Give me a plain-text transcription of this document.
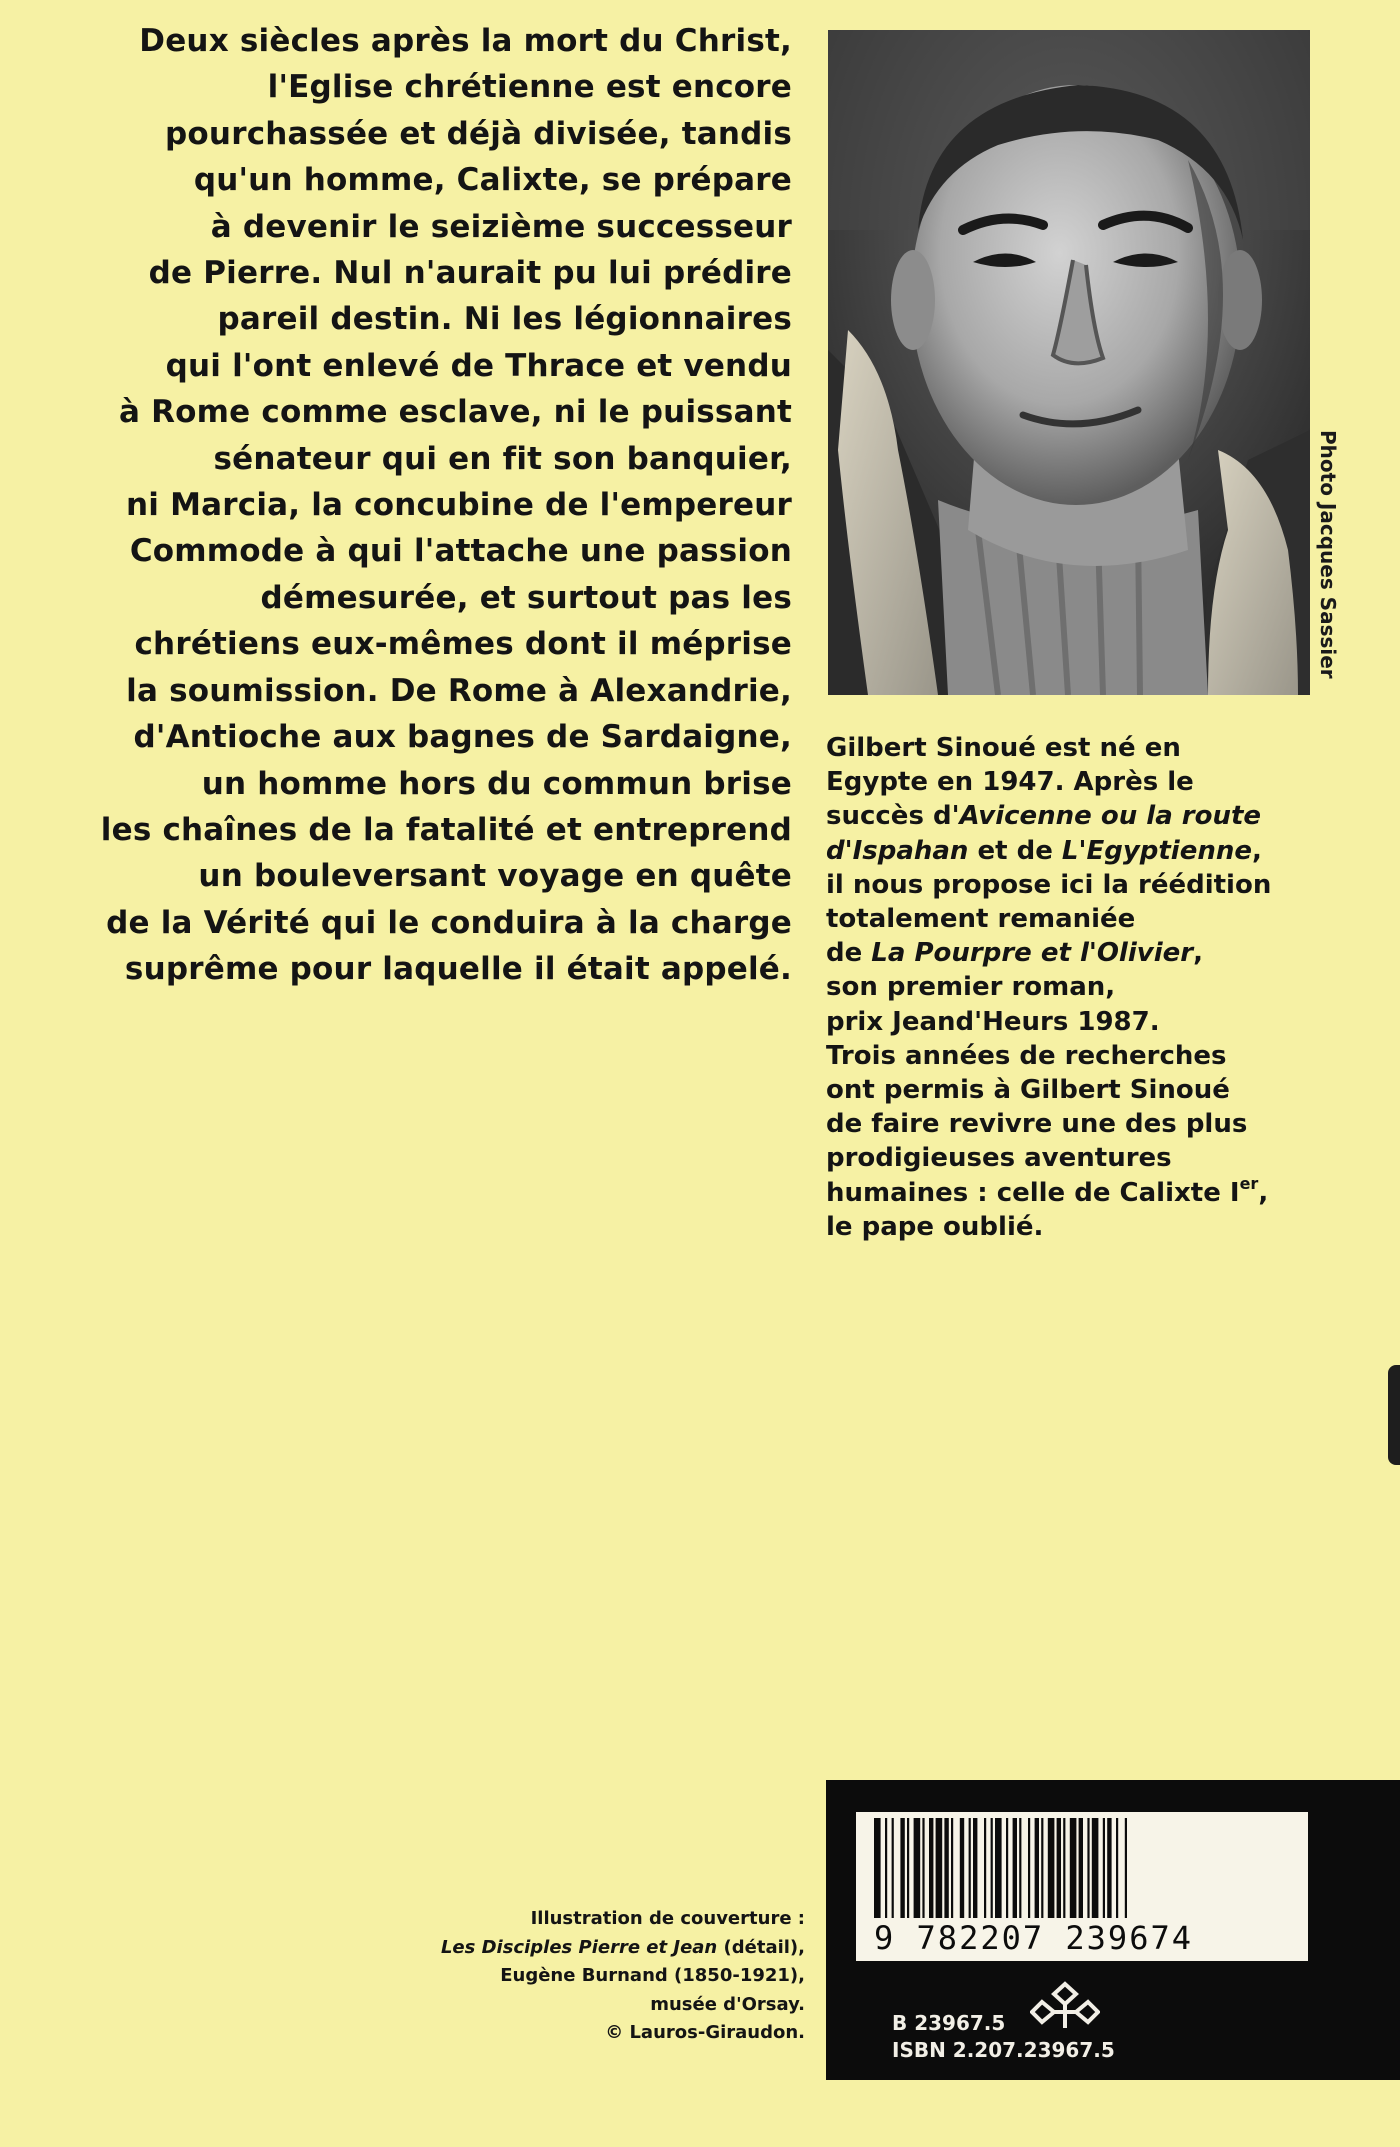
Deux siècles après la mort du Christ,
l'Eglise chrétienne est encore
pourchassée et déjà divisée, tandis
qu'un homme, Calixte, se prépare
à devenir le seizième successeur
de Pierre. Nul n'aurait pu lui prédire
pareil destin. Ni les légionnaires
qui l'ont enlevé de Thrace et vendu
à Rome comme esclave, ni le puissant
sénateur qui en fit son banquier,
ni Marcia, la concubine de l'empereur
Commode à qui l'attache une passion
démesurée, et surtout pas les
chrétiens eux-mêmes dont il méprise
la soumission. De Rome à Alexandrie,
d'Antioche aux bagnes de Sardaigne,
un homme hors du commun brise
les chaînes de la fatalité et entreprend
un bouleversant voyage en quête
de la Vérité qui le conduira à la charge
suprême pour laquelle il était appelé.
Photo Jacques Sassier
Gilbert Sinoué est né en
Egypte en 1947. Après le
succès d'Avicenne ou la route
d'Ispahan et de L'Egyptienne,
il nous propose ici la réédition
totalement remaniée
de La Pourpre et l'Olivier,
son premier roman,
prix Jeand'Heurs 1987.
Trois années de recherches
ont permis à Gilbert Sinoué
de faire revivre une des plus
prodigieuses aventures
humaines : celle de Calixte Ier,
le pape oublié.
Illustration de couverture :
Les Disciples Pierre et Jean (détail),
Eugène Burnand (1850-1921),
musée d'Orsay.
© Lauros-Giraudon.
9 782207 239674
B 23967.5
ISBN 2.207.23967.5
